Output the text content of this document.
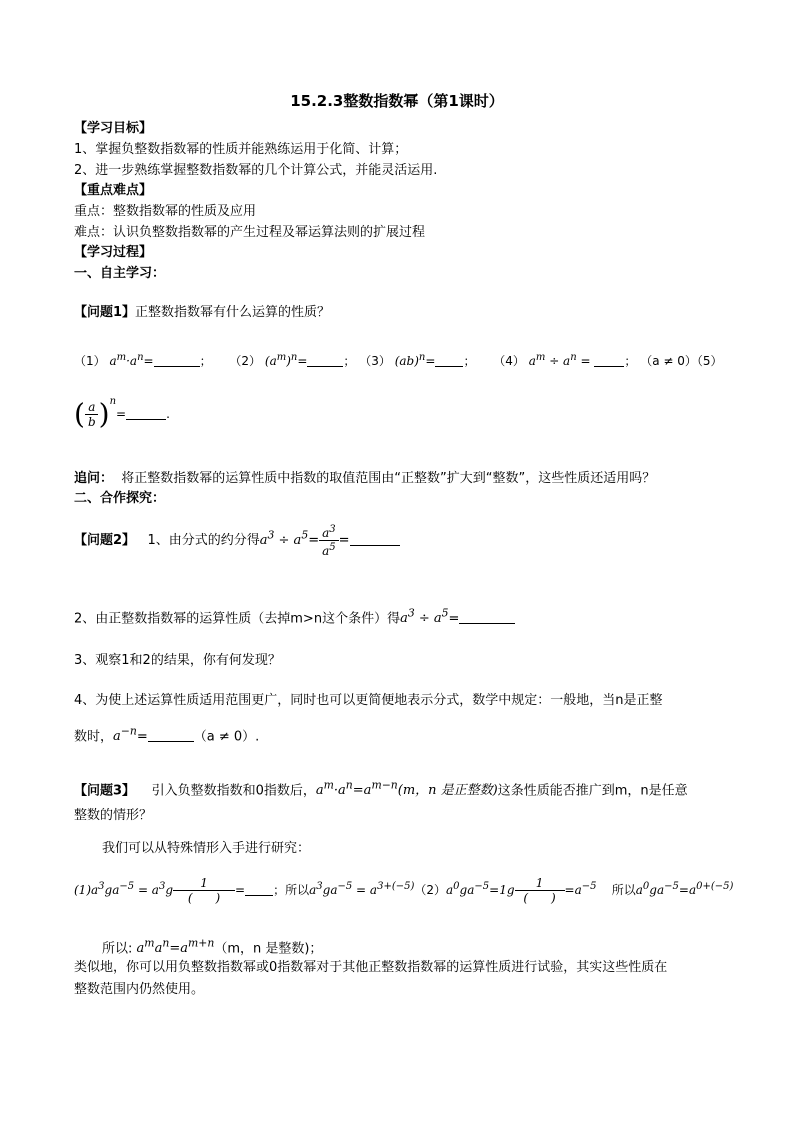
15.2.3整数指数幂（第1课时）
【学习目标】
1、掌握负整数指数幂的性质并能熟练运用于化简、计算；
2、进一步熟练掌握整数指数幂的几个计算公式，并能灵活运用.
【重点难点】
重点：整数指数幂的性质及应用
难点：认识负整数指数幂的产生过程及幂运算法则的扩展过程
【学习过程】
一、自主学习：
【问题1】正整数指数幂有什么运算的性质？
（1） $a^m\cdot a^n=$	； （2） $(a^m)^n=$	； （3） (ab)$^n$= ； （4） $a^m \div a^n$ =	； （a ≠ 0）（5）
( $\frac{a}{b} )^n=$	.
追问： 将正整数指数幂的运算性质中指数的取值范围由“正整数”扩大到“整数”，这些性质还适用吗？
二、合作探究：
【问题2】 1、由分式的约分得$a^3 \div a^5= \frac{a^3}{a^5}$ =
2、由正整数指数幂的运算性质（去掉m>n这个条件）得$a^3 \div a^5=$
3、观察1和2的结果，你有何发现？
4、为使上述运算性质适用范围更广，同时也可以更简便地表示分式，数学中规定：一般地，当n是正整
数时，$a^{-n}=$	（a ≠ 0）.
【问题3】 引入负整数指数和0指数后，$a^m\cdot a^n=a^{m-n}(m$，n 是正整数)这条性质能否推广到m，n是任意
整数的情形？
我们可以从特殊情形入手进行研究：
$(1)a^3ga^{-5} = a^3g \frac{1}{( )}$ = ；所以$a^3ga^{-5} = a^{3+(-5)}(2)a^0ga^{-5}=1g \frac{1}{( )} =a^{-5}$ 所以$a^0ga^{-5}=a^{0+(-5)}$
所以: $a^ma^n=a^{m+n}(m$，n 是整数)；
类似地，你可以用负整数指数幂或0指数幂对于其他正整数指数幂的运算性质进行试验，其实这些性质在
整数范围内仍然使用。
